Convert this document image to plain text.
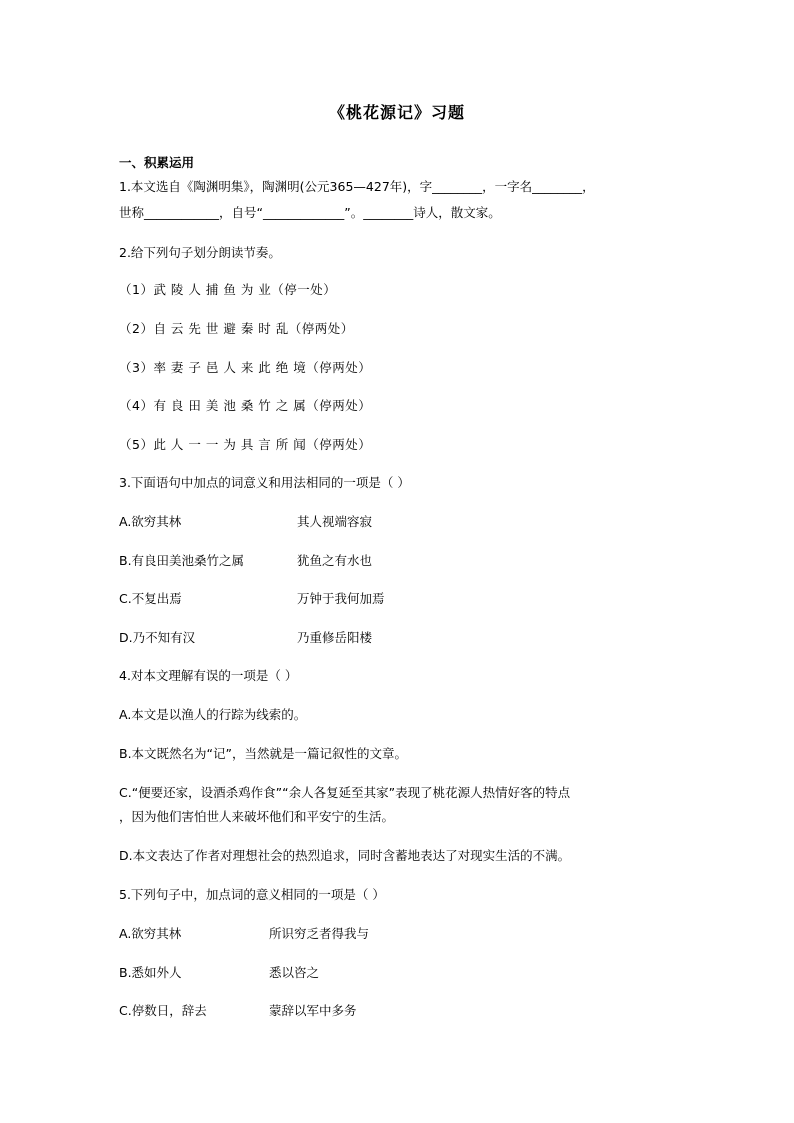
《桃花源记》习题
一、积累运用
1.本文选自《陶渊明集》，陶渊明(公元365—427年)，字________，一字名________，
世称____________，自号“_____________”。________诗人，散文家。
2.给下列句子划分朗读节奏。
（1）武 陵 人 捕 鱼 为 业（停一处）
（2）自 云 先 世 避 秦 时 乱（停两处）
（3）率 妻 子 邑 人 来 此 绝 境（停两处）
（4）有 良 田 美 池 桑 竹 之 属（停两处）
（5）此 人 一 一 为 具 言 所 闻（停两处）
3.下面语句中加点的词意义和用法相同的一项是（ ）
A.欲穷其林	其人视端容寂
B.有良田美池桑竹之属	犹鱼之有水也
C.不复出焉	万钟于我何加焉
D.乃不知有汉	乃重修岳阳楼
4.对本文理解有误的一项是（ ）
A.本文是以渔人的行踪为线索的。
B.本文既然名为“记”，当然就是一篇记叙性的文章。
C.“便要还家，设酒杀鸡作食”“余人各复延至其家”表现了桃花源人热情好客的特点
，因为他们害怕世人来破坏他们和平安宁的生活。
D.本文表达了作者对理想社会的热烈追求，同时含蓄地表达了对现实生活的不满。
5.下列句子中，加点词的意义相同的一项是（ ）
A.欲穷其林	所识穷乏者得我与
B.悉如外人	悉以咨之
C.停数日，辞去	蒙辞以军中多务
